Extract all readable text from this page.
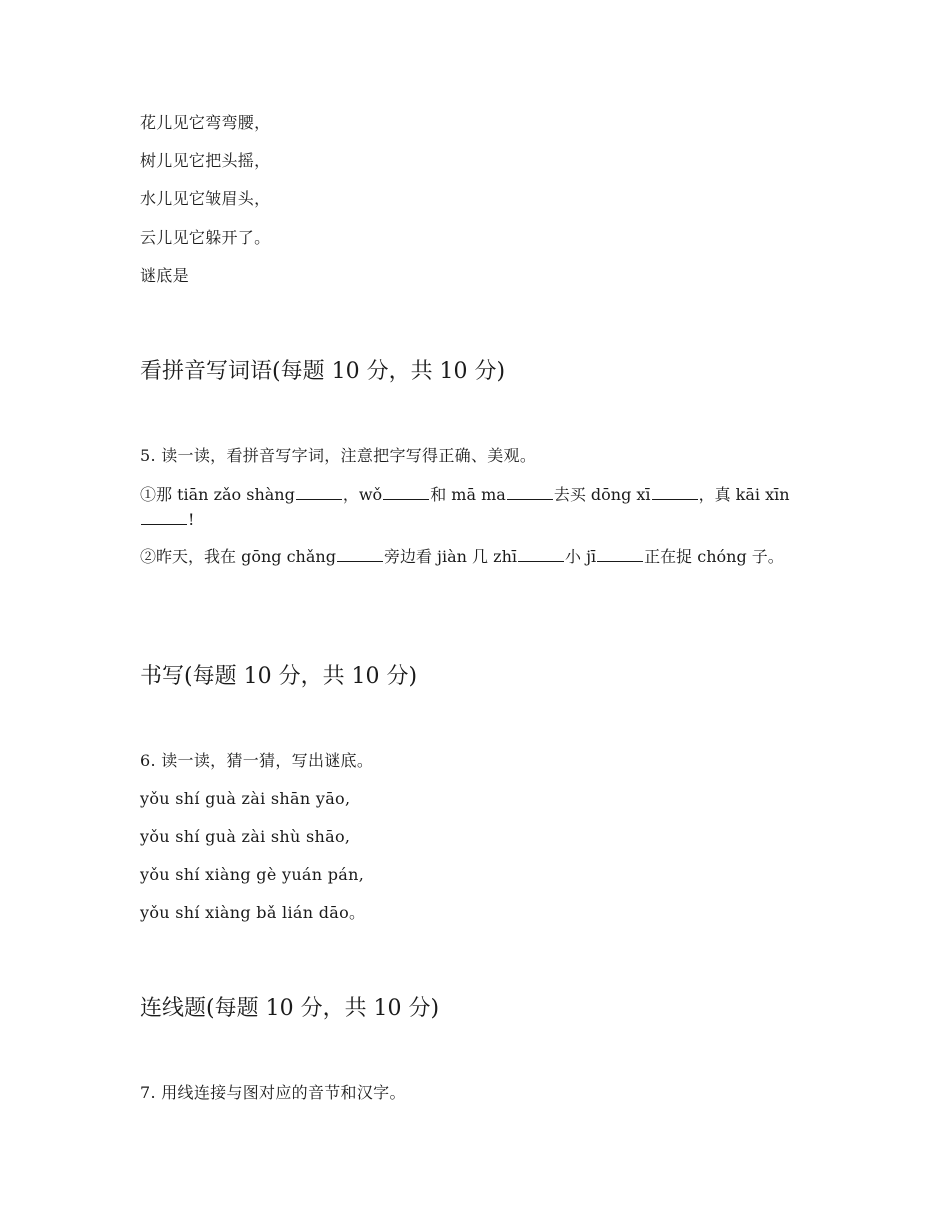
花儿见它弯弯腰，
树儿见它把头摇，
水儿见它皱眉头，
云儿见它躲开了。
谜底是
看拼音写词语(每题 10 分，共 10 分)
5. 读一读，看拼音写字词，注意把字写得正确、美观。
①那 tiān zǎo shàng	，wǒ	和 mā ma	去买 dōng xī	，真 kāi xīn!
②昨天，我在 gōng chǎng	旁边看 jiàn 几 zhī	小 jī	正在捉 chóng 子。
书写(每题 10 分，共 10 分)
6. 读一读，猜一猜，写出谜底。
yǒu shí guà zài shān yāo,
yǒu shí guà zài shù shāo,
yǒu shí xiàng gè yuán pán,
yǒu shí xiàng bǎ lián dāo。
连线题(每题 10 分，共 10 分)
7. 用线连接与图对应的音节和汉字。
